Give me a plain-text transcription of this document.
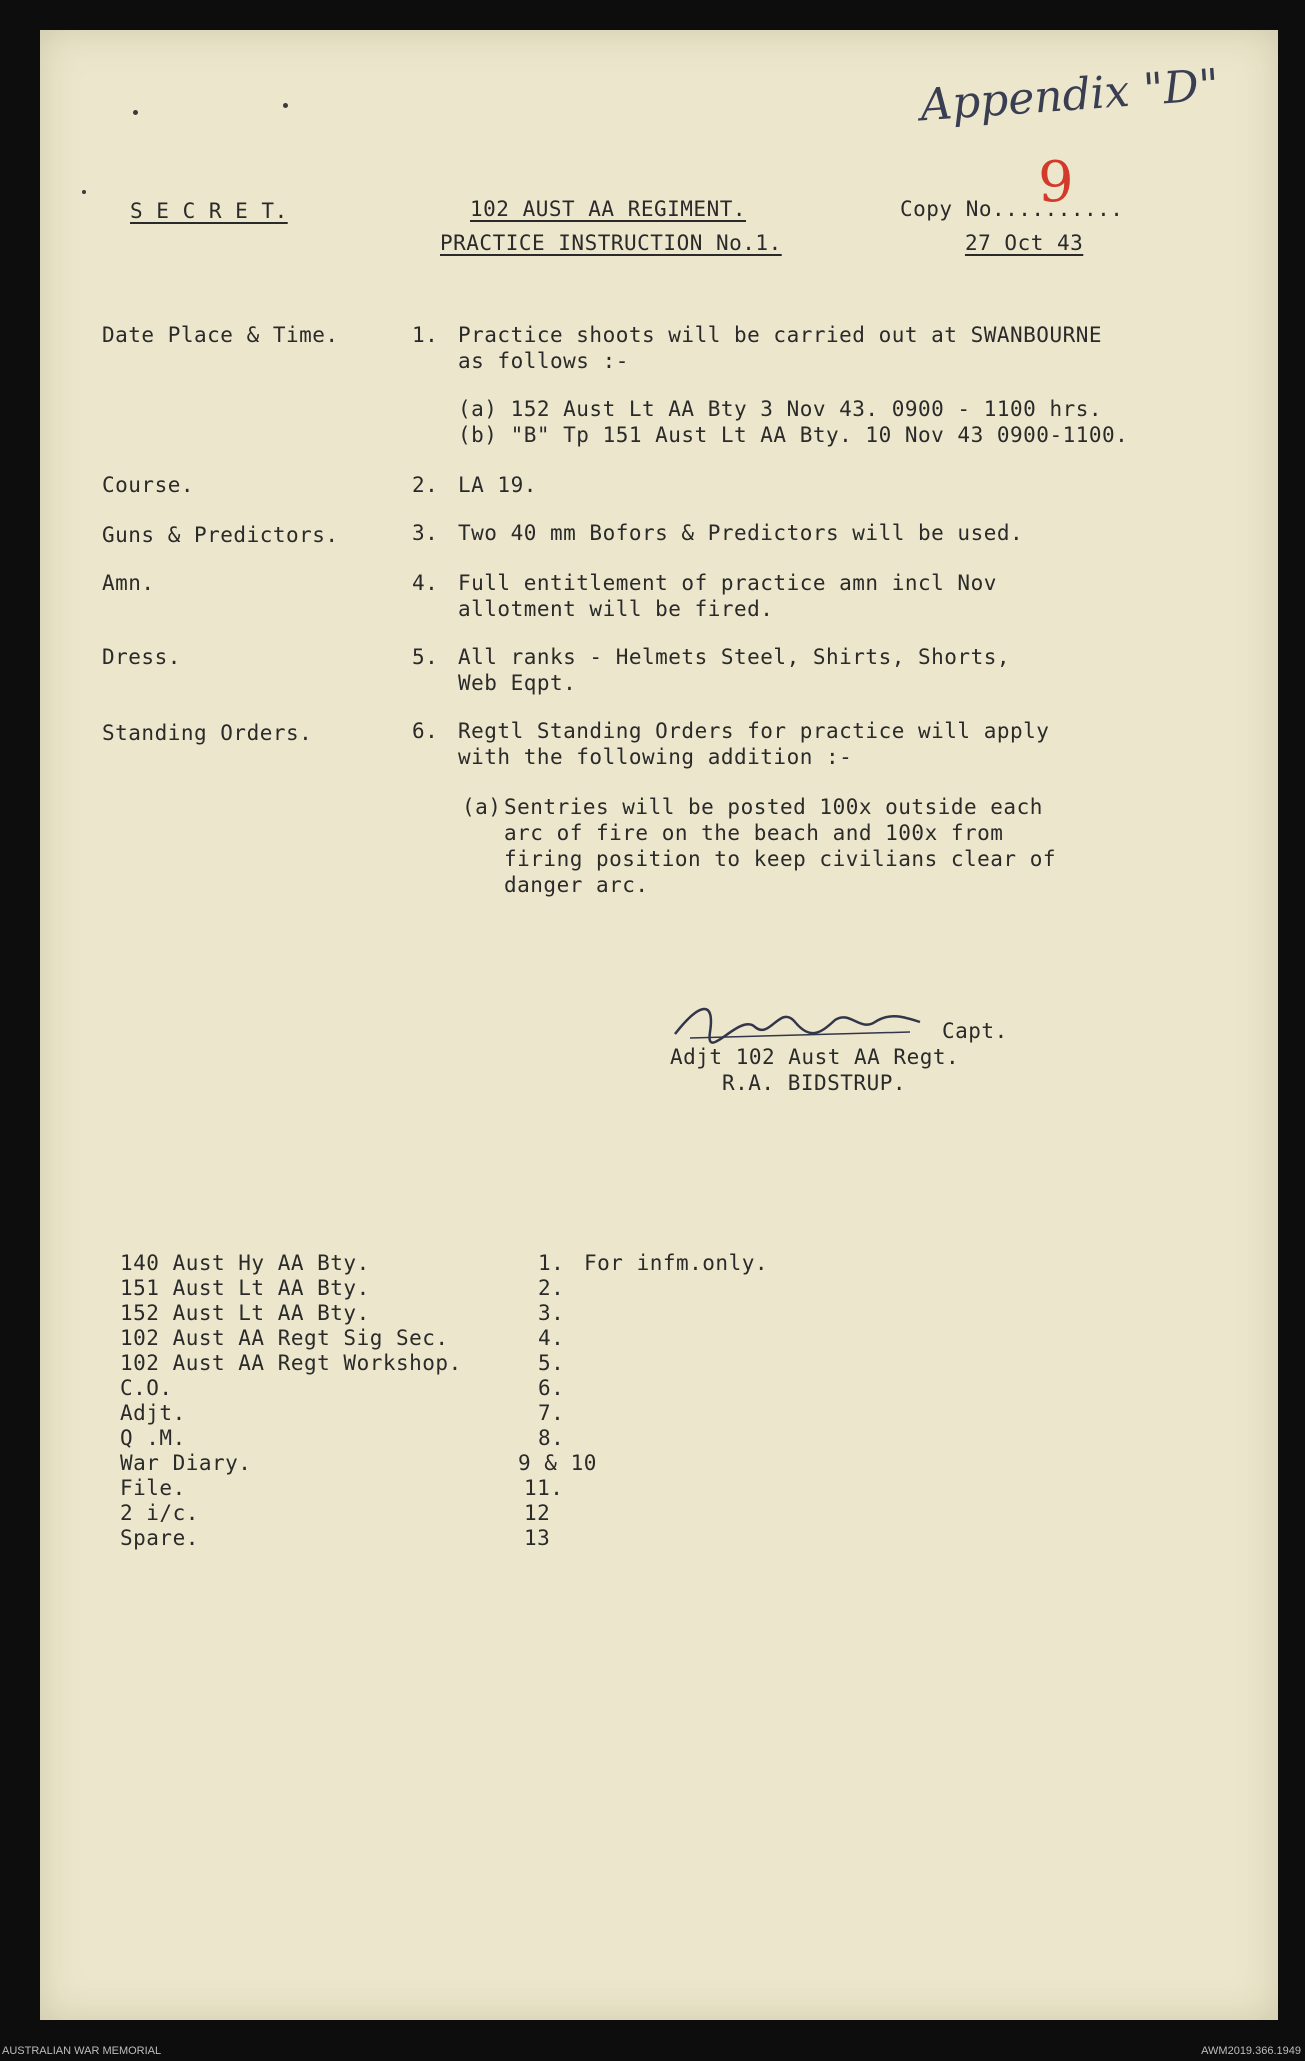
Appendix "D"
S E C R E T.	102 AUST AA REGIMENT.
PRACTICE INSTRUCTION No.1.
Copy No..........
9
27 Oct 43
Date Place & Time.	1. Practice shoots will be carried out at SWANBOURNE
as follows :-
(a) 152 Aust Lt AA Bty 3 Nov 43. 0900 - 1100 hrs.
(b) "B" Tp 151 Aust Lt AA Bty. 10 Nov 43 0900-1100.
Course.	2. LA 19.
Guns & Predictors.	3. Two 40 mm Bofors & Predictors will be used.
Amn.	4. Full entitlement of practice amn incl Nov
allotment will be fired.
Dress.	5. All ranks - Helmets Steel, Shirts, Shorts,
Web Eqpt.
Standing Orders.	6. Regtl Standing Orders for practice will apply
with the following addition :-
(a) Sentries will be posted 100x outside each
arc of fire on the beach and 100x from
firing position to keep civilians clear of
danger arc.
Capt.
Adjt 102 Aust AA Regt.
R.A. BIDSTRUP.
140 Aust Hy AA Bty.	1. For infm.only.
151 Aust Lt AA Bty.	2.
152 Aust Lt AA Bty.	3.
102 Aust AA Regt Sig Sec.	4.
102 Aust AA Regt Workshop.	5.
C.O.	6.
Adjt.	7.
Q .M.	8.
War Diary.	9 & 10
File.	11.
2 i/c.	12
Spare.	13
AUSTRALIAN WAR MEMORIAL	AWM2019.366.1949
